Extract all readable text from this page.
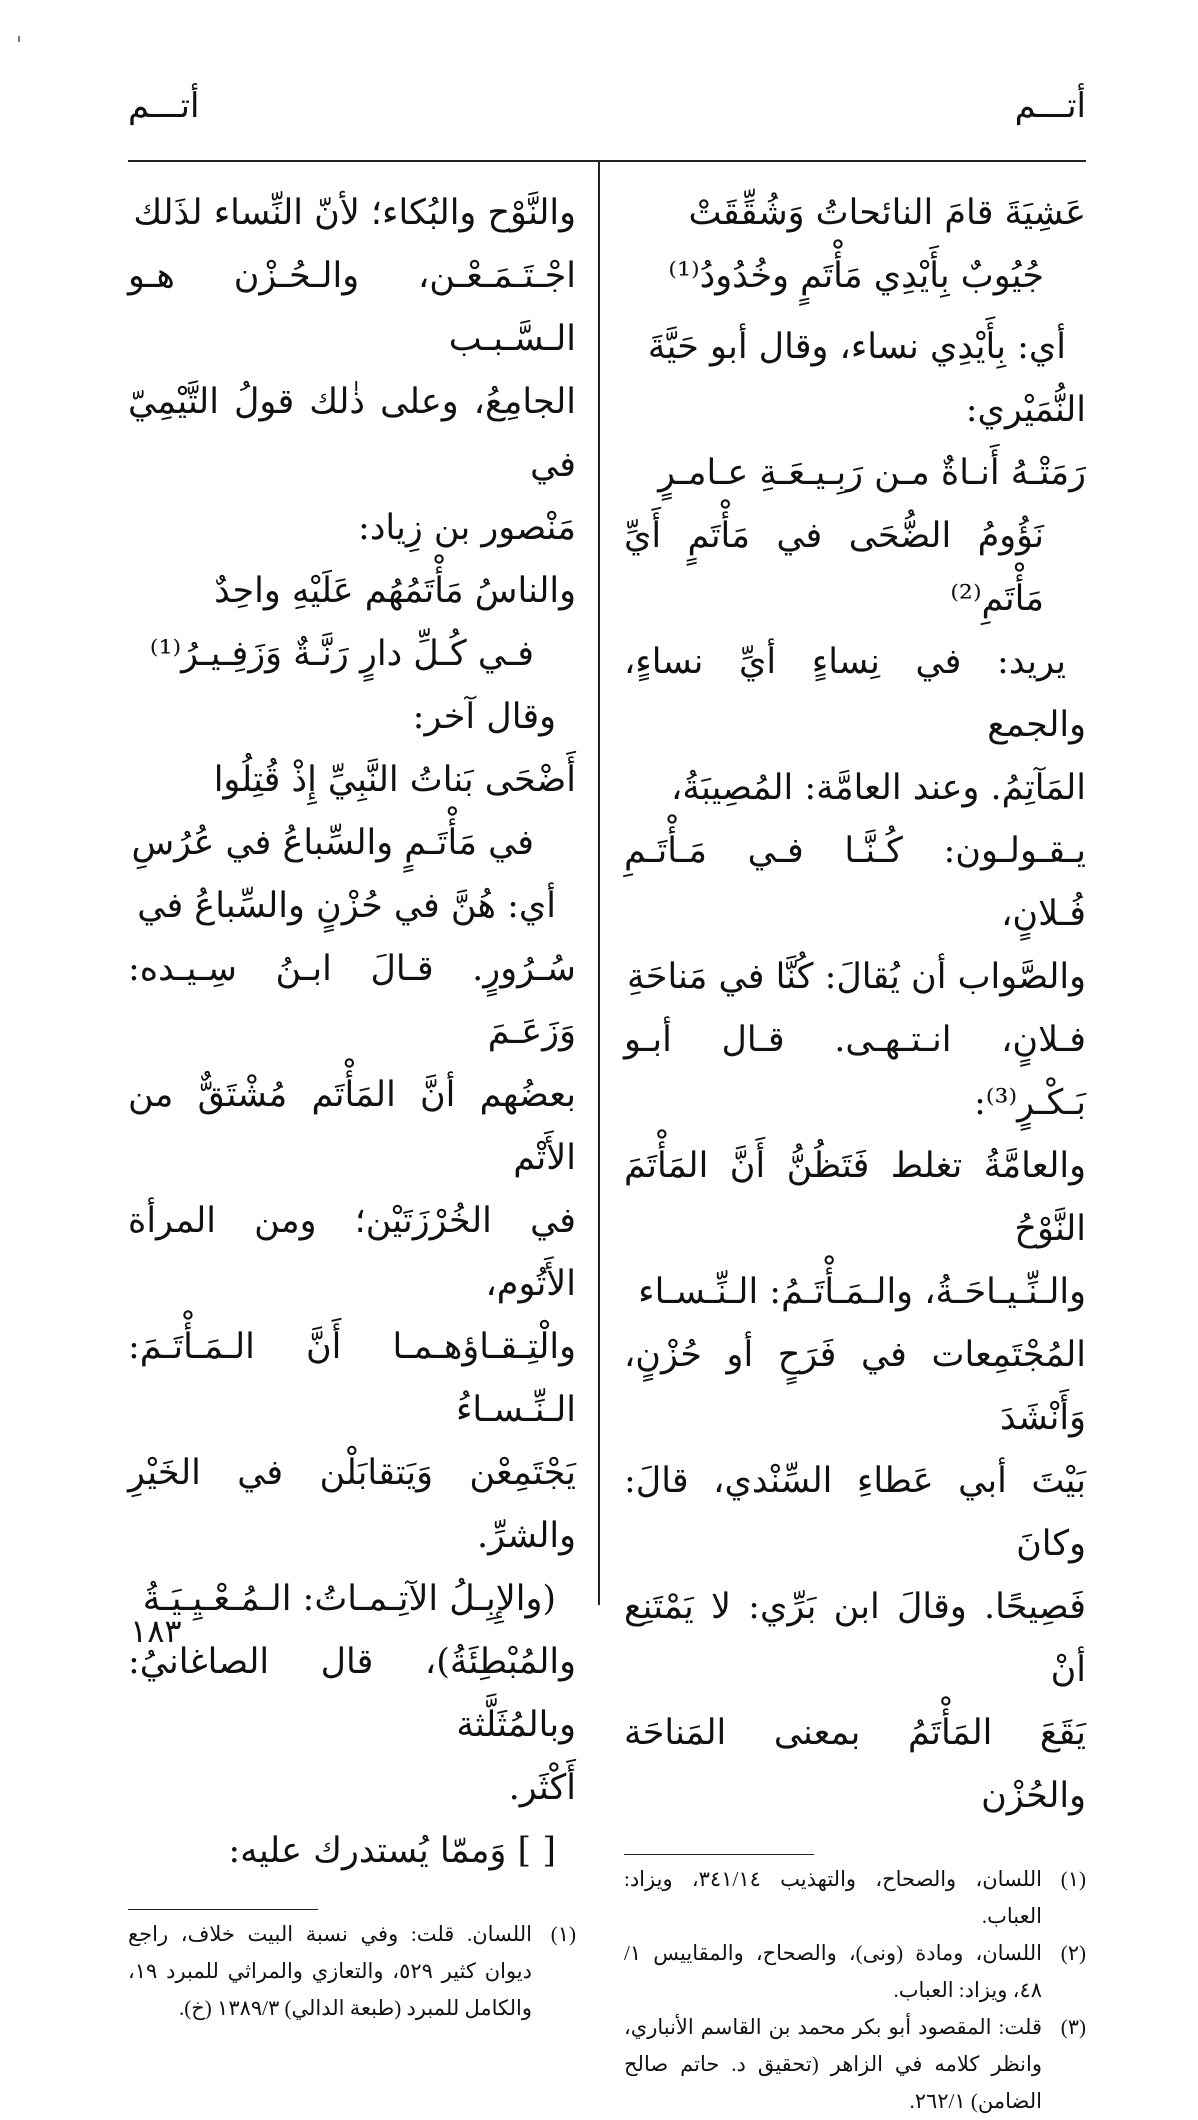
أتـــم
أتـــم

عَشِيَةَ قامَ النائحاتُ وَشُقِّقَتْ

جُيُوبٌ بِأَيْدِي مَأْتَمٍ وخُدُودُ⁽¹⁾

أي: بِأَيْدِي نساء، وقال أبو حَيَّةَ

النُّمَيْري:

رَمَتْـهُ أَنـاةٌ مـن رَبِـيـعَـةِ عـامـرٍ

نَؤُومُ الضُّحَى في مَأْتَمٍ أَيِّ مَأْتَمِ⁽²⁾

يريد: في نِساءٍ أيِّ نساءٍ، والجمع

المَآتِمُ. وعند العامَّة: المُصِيبَةُ،

يـقـولـون: كُـنَّـا فـي مَـأْتَـمِ فُـلانٍ،

والصَّواب أن يُقالَ: كُنَّا في مَناحَةِ

فـلانٍ، انـتـهـى. قـال أبـو بَـكْـرٍ⁽³⁾:

والعامَّةُ تغلط فَتَظُنُّ أَنَّ المَأْتَمَ النَّوْحُ

والـنِّـيـاحَـةُ، والـمَـأْتَـمُ: الـنِّـسـاء

المُجْتَمِعات في فَرَحٍ أو حُزْنٍ، وَأَنْشَدَ

بَيْتَ أبي عَطاءِ السِّنْدي، قالَ: وكانَ

فَصِيحًا. وقالَ ابن بَرِّي: لا يَمْتَنِع أنْ

يَقَعَ المَأْتَمُ بمعنى المَناحَة والحُزْن

(١)
اللسان، والصحاح، والتهذيب ٣٤١/١٤، ويزاد: العباب.
(٢)
اللسان، ومادة (ونى)، والصحاح، والمقاييس ١/ ٤٨، ويزاد: العباب.
(٣)
قلت: المقصود أبو بكر محمد بن القاسم الأنباري، وانظر كلامه في الزاهر (تحقيق د. حاتم صالح الضامن) ٢٦٢/١.

والنَّوْح والبُكاء؛ لأنّ النِّساء لذَلك

اجْـتَـمَـعْـن، والـحُـزْن هـو الـسَّـبـب

الجامِعُ، وعلى ذٰلك قولُ التَّيْمِيّ في

مَنْصور بن زِياد:

والناسُ مَأْتَمُهُم عَلَيْهِ واحِدٌ

فـي كُـلِّ دارٍ رَنَّـةٌ وَزَفِـيـرُ⁽¹⁾

وقال آخر:

أَضْحَى بَناتُ النَّبِيِّ إِذْ قُتِلُوا

في مَأْتَـمٍ والسِّباعُ في عُرُسِ

أي: هُنَّ في حُزْنٍ والسِّباعُ في

سُـرُورٍ. قـالَ ابـنُ سِـيـده: وَزَعَـمَ

بعضُهم أنَّ المَأْتَم مُشْتَقٌّ من الأَتْم

في الخُرْزَتَيْن؛ ومن المرأة الأَتُوم،

والْتِـقـاؤهـمـا أَنَّ الـمَـأْتَـمَ: الـنِّـسـاءُ

يَجْتَمِعْن وَيَتقابَلْن في الخَيْرِ والشرِّ.

(والإِبِـلُ الآتِـمـاتُ: الـمُـعْـيِـيَـةُ

والمُبْطِئَةُ)، قال الصاغانيُ: وبالمُثَلَّثة

أَكْثَر.

[ ] وَممّا يُستدرك عليه:

(١)
اللسان. قلت: وفي نسبة البيت خلاف، راجع ديوان كثير ٥٢٩، والتعازي والمراثي للمبرد ١٩، والكامل للمبرد (طبعة الدالي) ١٣٨٩/٣ (خ).
١٨٣
